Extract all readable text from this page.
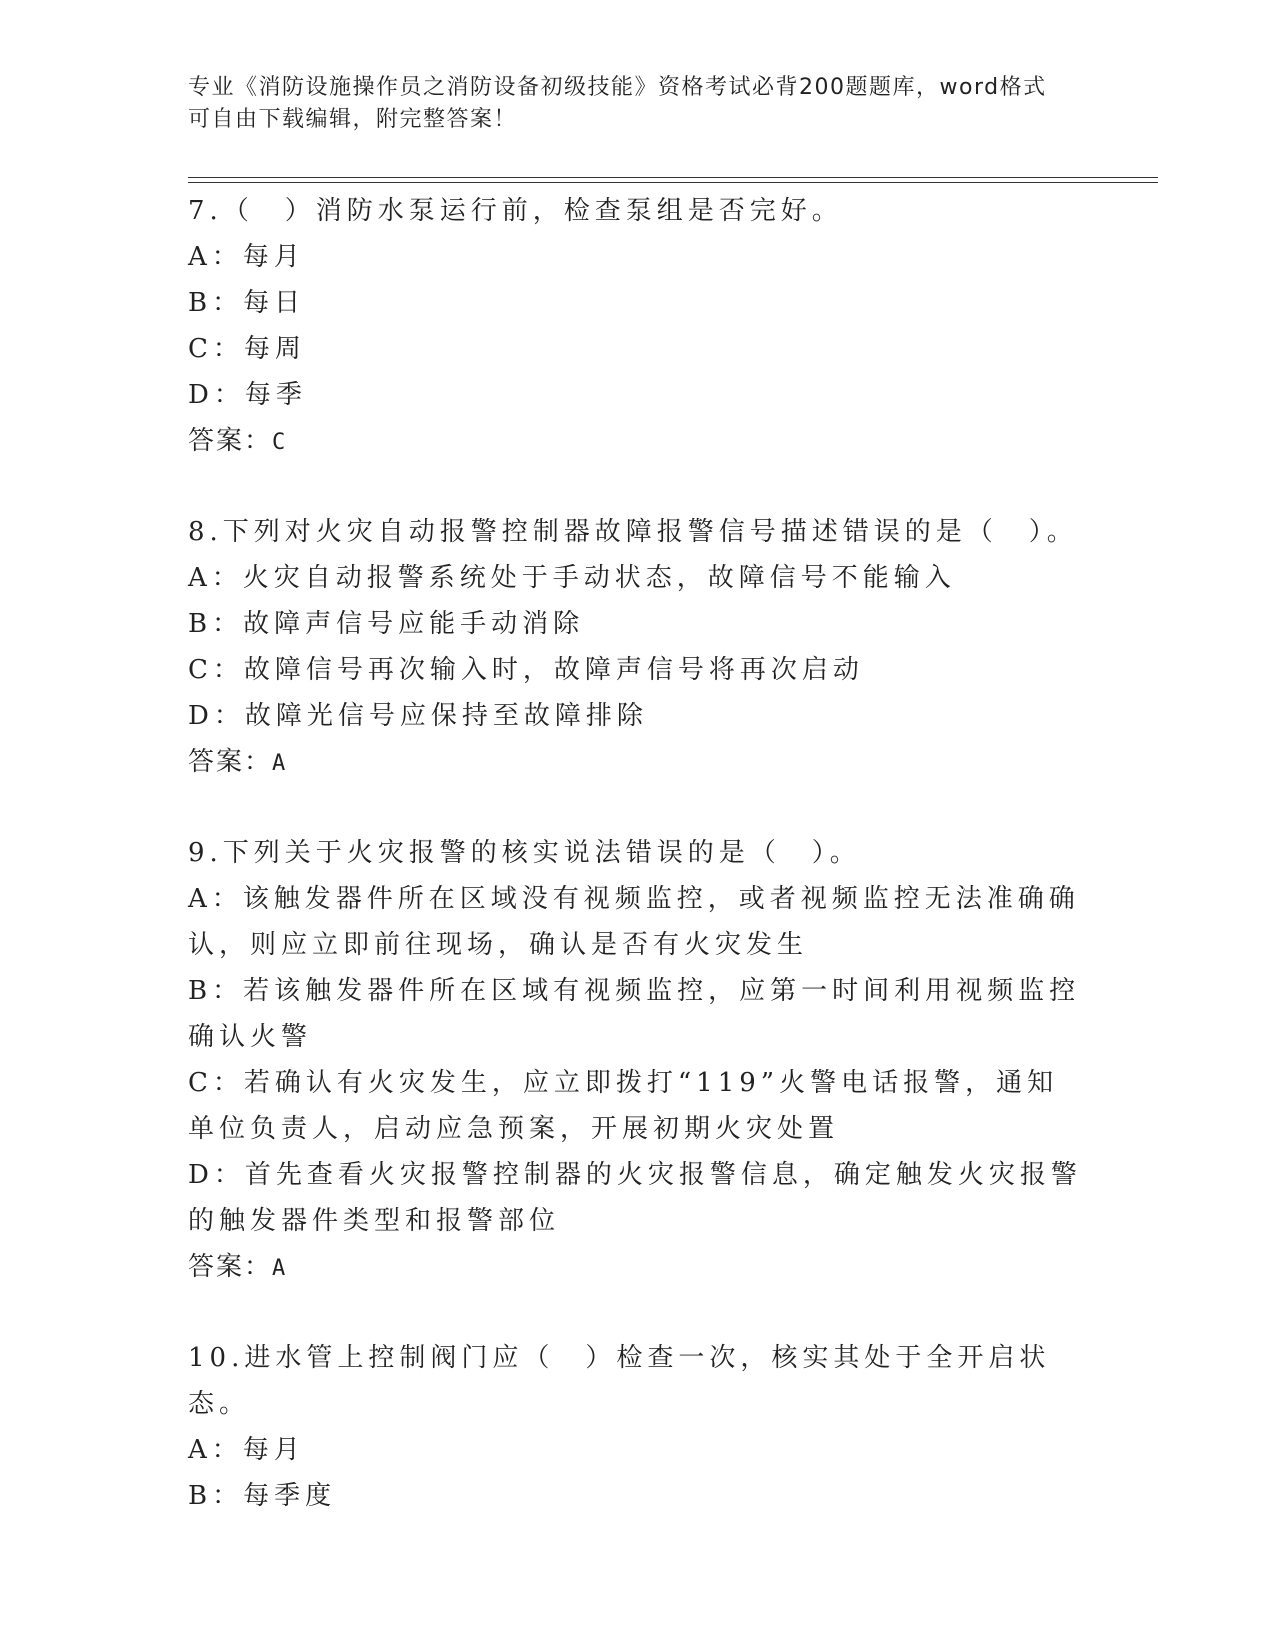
专业《消防设施操作员之消防设备初级技能》资格考试必背200题题库，word格式可自由下载编辑，附完整答案！
7.（　）消防水泵运行前，检查泵组是否完好。
A：每月
B：每日
C：每周
D：每季
答案：C
8.下列对火灾自动报警控制器故障报警信号描述错误的是（　）。
A：火灾自动报警系统处于手动状态，故障信号不能输入
B：故障声信号应能手动消除
C：故障信号再次输入时，故障声信号将再次启动
D：故障光信号应保持至故障排除
答案：A
9.下列关于火灾报警的核实说法错误的是（　）。
A：该触发器件所在区域没有视频监控，或者视频监控无法准确确认，则应立即前往现场，确认是否有火灾发生
B：若该触发器件所在区域有视频监控，应第一时间利用视频监控确认火警
C：若确认有火灾发生，应立即拨打“119”火警电话报警，通知单位负责人，启动应急预案，开展初期火灾处置
D：首先查看火灾报警控制器的火灾报警信息，确定触发火灾报警的触发器件类型和报警部位
答案：A
10.进水管上控制阀门应（　）检查一次，核实其处于全开启状态。
A：每月
B：每季度
